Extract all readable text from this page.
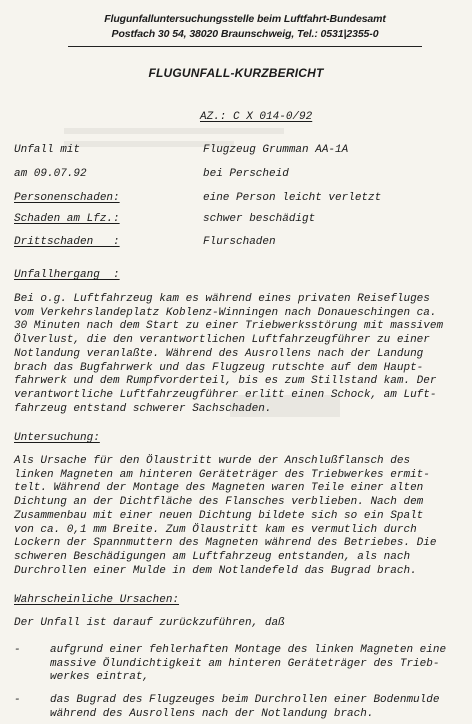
Flugunfalluntersuchungsstelle beim Luftfahrt-Bundesamt
Postfach 30 54, 38020 Braunschweig, Tel.: 0531|2355-0
FLUGUNFALL-KURZBERICHT
AZ.: C X 014-0/92
Unfall mit	Flugzeug Grumman AA-1A
am 09.07.92	bei Perscheid
Personenschaden:	eine Person leicht verletzt
Schaden am Lfz.:	schwer beschädigt
Drittschaden   :	Flurschaden
Unfallhergang  :
Bei o.g. Luftfahrzeug kam es während eines privaten Reisefluges
vom Verkehrslandeplatz Koblenz-Winningen nach Donaueschingen ca.
30 Minuten nach dem Start zu einer Triebwerksstörung mit massivem
Ölverlust, die den verantwortlichen Luftfahrzeugführer zu einer
Notlandung veranlaßte. Während des Ausrollens nach der Landung
brach das Bugfahrwerk und das Flugzeug rutschte auf dem Haupt-
fahrwerk und dem Rumpfvorderteil, bis es zum Stillstand kam. Der
verantwortliche Luftfahrzeugführer erlitt einen Schock, am Luft-
fahrzeug entstand schwerer Sachschaden.
Untersuchung:
Als Ursache für den Ölaustritt wurde der Anschlußflansch des
linken Magneten am hinteren Geräteträger des Triebwerkes ermit-
telt. Während der Montage des Magneten waren Teile einer alten
Dichtung an der Dichtfläche des Flansches verblieben. Nach dem
Zusammenbau mit einer neuen Dichtung bildete sich so ein Spalt
von ca. 0,1 mm Breite. Zum Ölaustritt kam es vermutlich durch
Lockern der Spannmuttern des Magneten während des Betriebes. Die
schweren Beschädigungen am Luftfahrzeug entstanden, als nach
Durchrollen einer Mulde in dem Notlandefeld das Bugrad brach.
Wahrscheinliche Ursachen:
Der Unfall ist darauf zurückzuführen, daß
-	aufgrund einer fehlerhaften Montage des linken Magneten eine
massive Ölundichtigkeit am hinteren Geräteträger des Trieb-
werkes eintrat,
-	das Bugrad des Flugzeuges beim Durchrollen einer Bodenmulde
während des Ausrollens nach der Notlandung brach.
